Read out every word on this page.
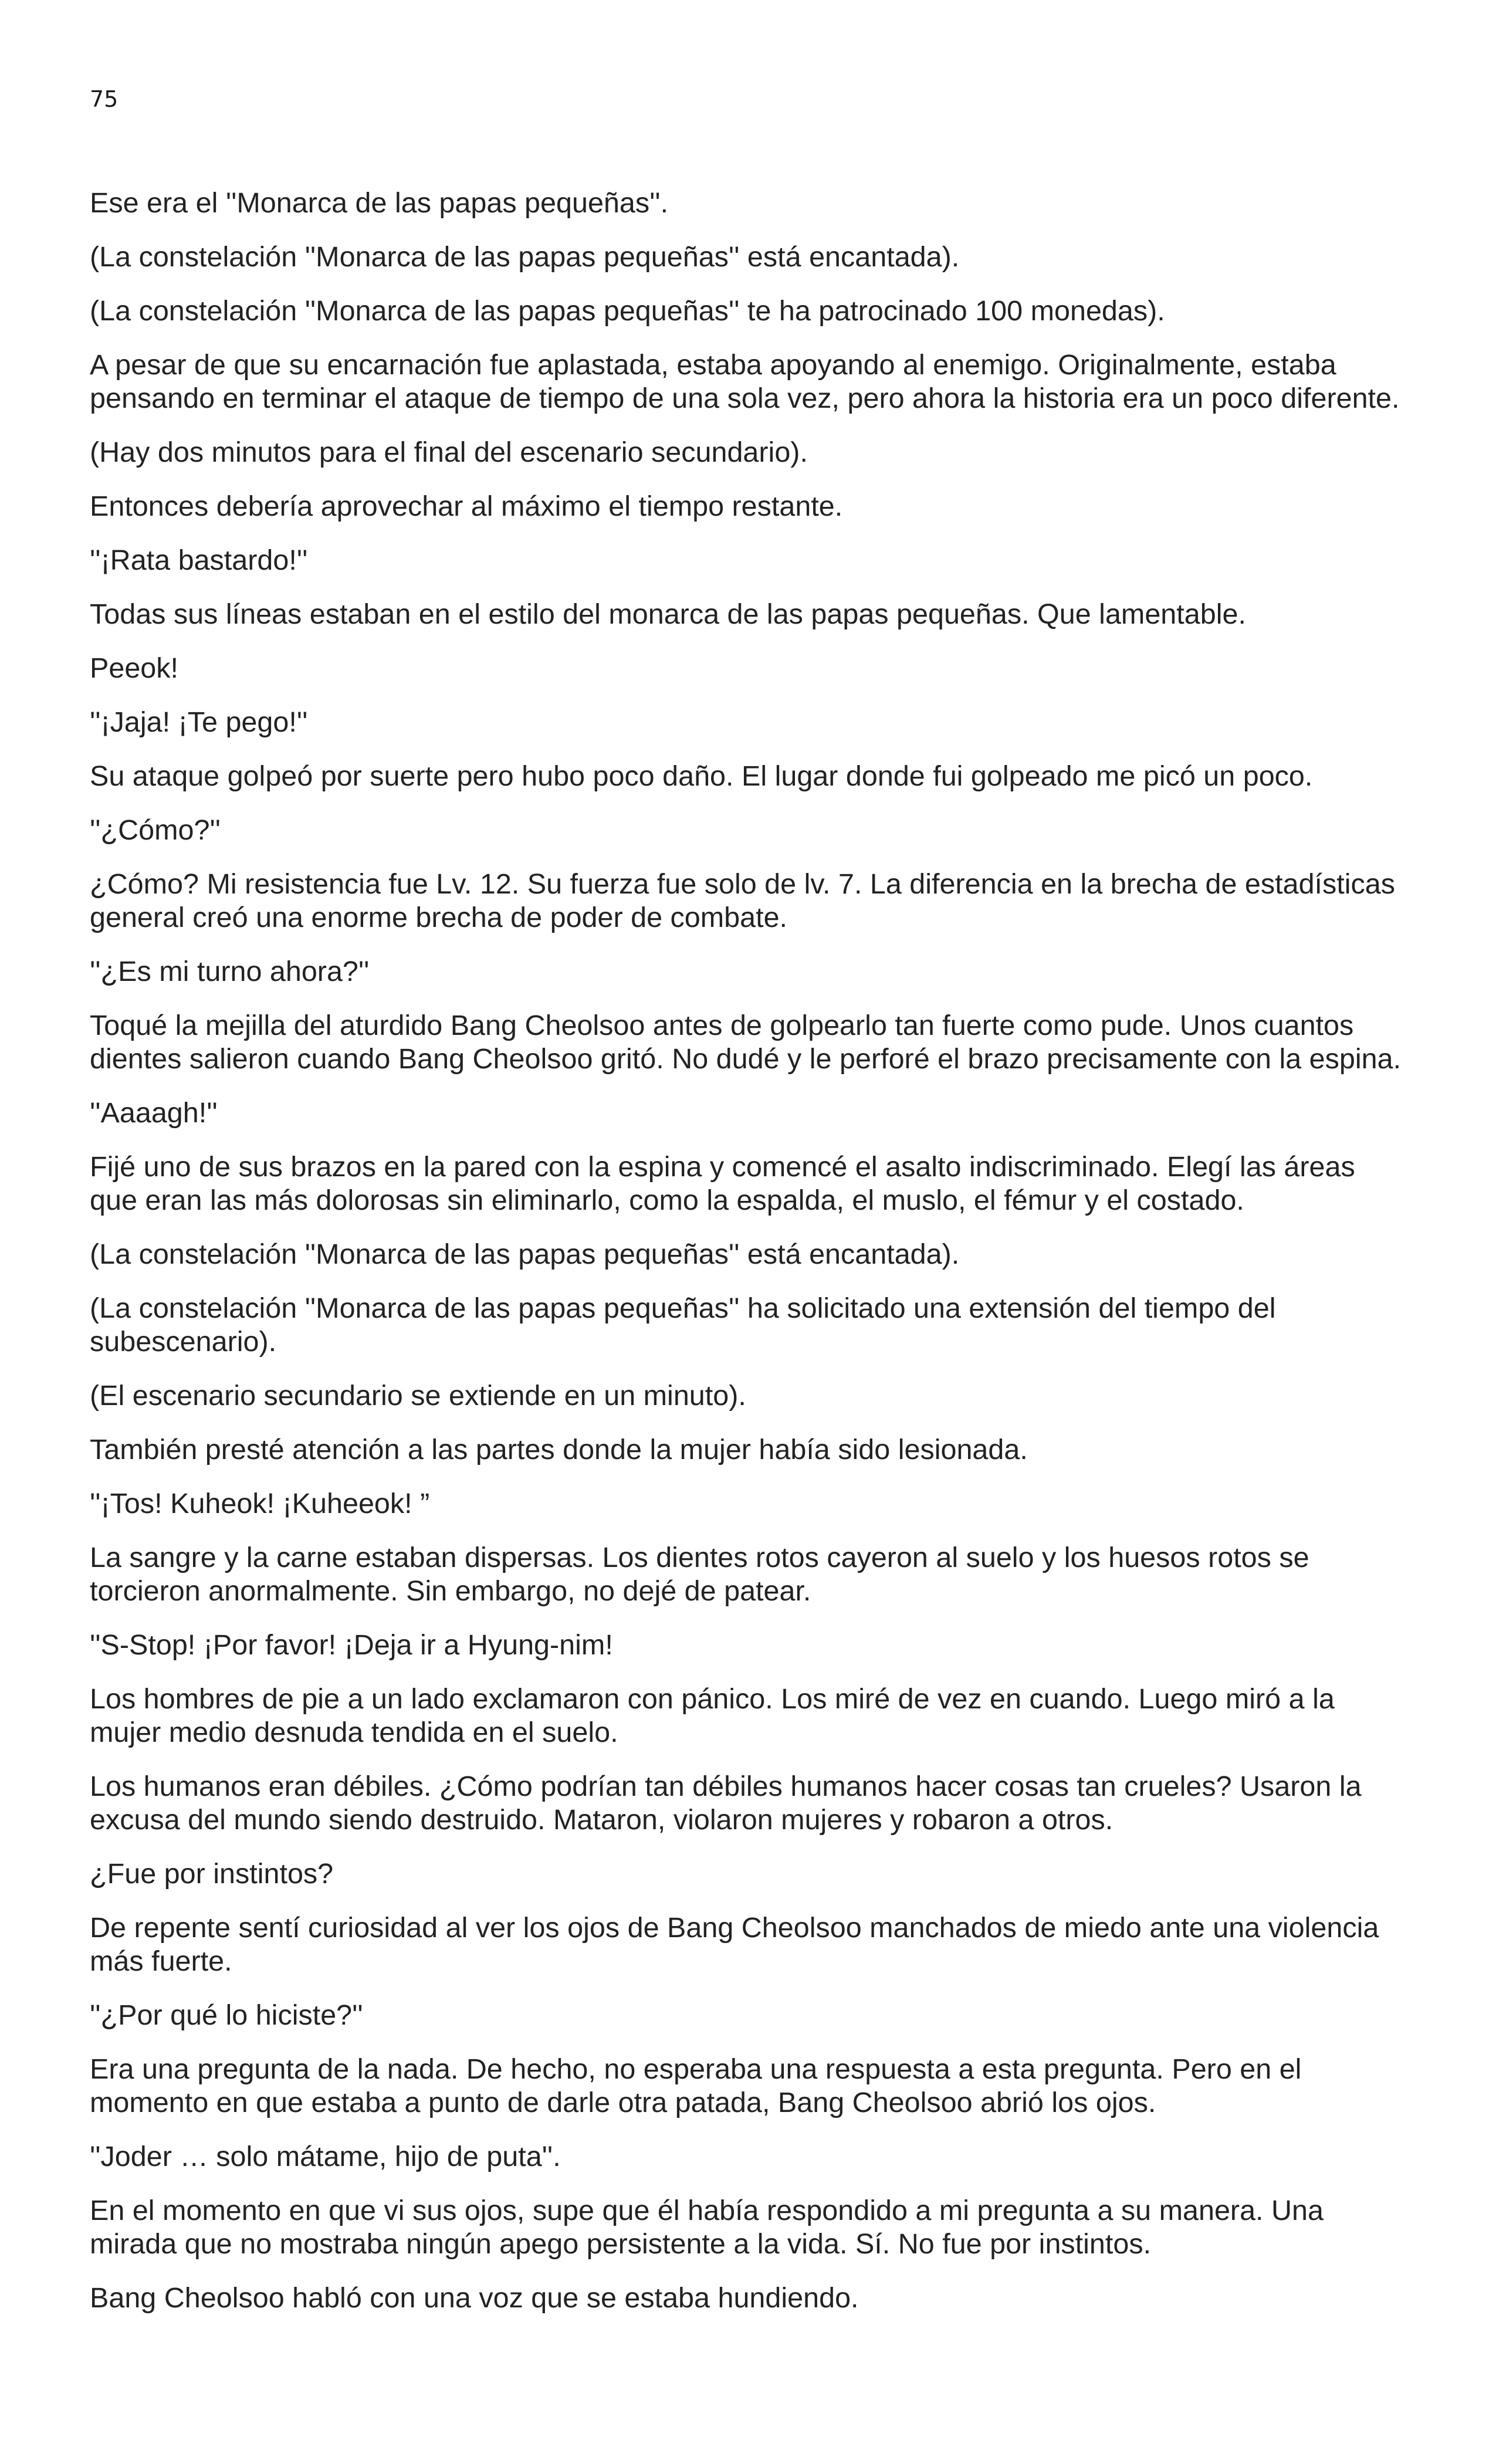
75

Ese era el ''Monarca de las papas pequeñas''.

(La constelación ''Monarca de las papas pequeñas'' está encantada).

(La constelación ''Monarca de las papas pequeñas'' te ha patrocinado 100 monedas).

A pesar de que su encarnación fue aplastada, estaba apoyando al enemigo. Originalmente, estaba pensando en terminar el ataque de tiempo de una sola vez, pero ahora la historia era un poco diferente.

(Hay dos minutos para el final del escenario secundario).

Entonces debería aprovechar al máximo el tiempo restante.

''¡Rata bastardo!''

Todas sus líneas estaban en el estilo del monarca de las papas pequeñas. Que lamentable.

Peeok!

''¡Jaja! ¡Te pego!''

Su ataque golpeó por suerte pero hubo poco daño. El lugar donde fui golpeado me picó un poco.

''¿Cómo?''

¿Cómo? Mi resistencia fue Lv. 12. Su fuerza fue solo de lv. 7. La diferencia en la brecha de estadísticas general creó una enorme brecha de poder de combate.

''¿Es mi turno ahora?''

Toqué la mejilla del aturdido Bang Cheolsoo antes de golpearlo tan fuerte como pude. Unos cuantos dientes salieron cuando Bang Cheolsoo gritó. No dudé y le perforé el brazo precisamente con la espina.

''Aaaagh!''

Fijé uno de sus brazos en la pared con la espina y comencé el asalto indiscriminado. Elegí las áreas que eran las más dolorosas sin eliminarlo, como la espalda, el muslo, el fémur y el costado.

(La constelación ''Monarca de las papas pequeñas'' está encantada).

(La constelación ''Monarca de las papas pequeñas'' ha solicitado una extensión del tiempo del subescenario).

(El escenario secundario se extiende en un minuto).

También presté atención a las partes donde la mujer había sido lesionada.

''¡Tos! Kuheok! ¡Kuheeok! ”

La sangre y la carne estaban dispersas. Los dientes rotos cayeron al suelo y los huesos rotos se torcieron anormalmente. Sin embargo, no dejé de patear.

''S-Stop! ¡Por favor! ¡Deja ir a Hyung-nim!

Los hombres de pie a un lado exclamaron con pánico. Los miré de vez en cuando. Luego miró a la mujer medio desnuda tendida en el suelo.

Los humanos eran débiles. ¿Cómo podrían tan débiles humanos hacer cosas tan crueles? Usaron la excusa del mundo siendo destruido. Mataron, violaron mujeres y robaron a otros.

¿Fue por instintos?

De repente sentí curiosidad al ver los ojos de Bang Cheolsoo manchados de miedo ante una violencia más fuerte.

''¿Por qué lo hiciste?''

Era una pregunta de la nada. De hecho, no esperaba una respuesta a esta pregunta. Pero en el momento en que estaba a punto de darle otra patada, Bang Cheolsoo abrió los ojos.

''Joder … solo mátame, hijo de puta''.

En el momento en que vi sus ojos, supe que él había respondido a mi pregunta a su manera. Una mirada que no mostraba ningún apego persistente a la vida. Sí. No fue por instintos.

Bang Cheolsoo habló con una voz que se estaba hundiendo.
